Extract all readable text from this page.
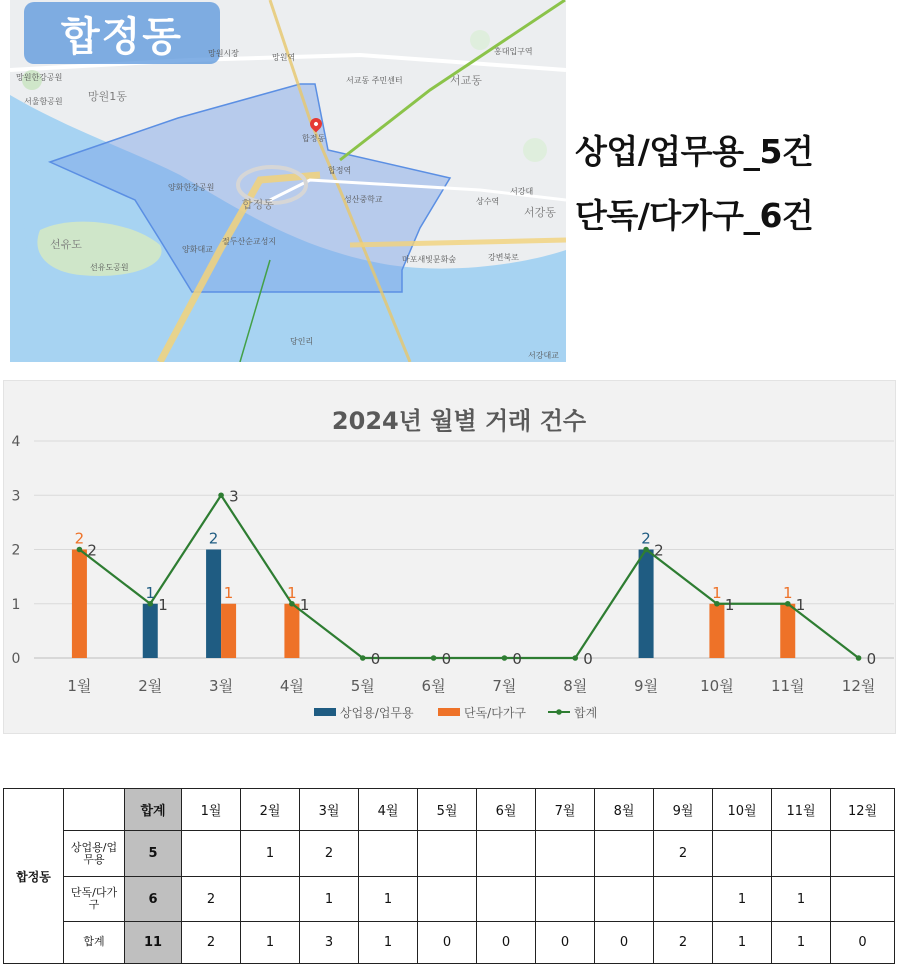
합정동
합정동
망원역
망원시장
합정역
서교동 주민센터	서교동
망원1동
망원한강공원
서울함공원
양화한강공원
선유도공원
선유도	양화대교
절두산순교성지
성산중학교
합정동
마포새빛문화숲
상수역
홍대입구역
서강대
서강대교
강변북로
당인리
서강동
상업/업무용_5건
단독/다가구_6건
2024년 월별 거래 건수
2
1
2
1	1
2
1	1
2
1
3
1
0	0	0	0
2
1	1
0
0
1
2
3
4
1월	2월	3월	4월	5월	6월	7월	8월	9월	10월 11월 12월
상업용/업무용	단독/다가구	합계
합정동		합계	1월	2월	3월	4월	5월	6월	7월	8월	9월	10월	11월	12월
	상업용/업무용	5		1	2						2			
	단독/다가구	6	2		1	1						1	1	
	합계	11	2	1	3	1	0	0	0	0	2	1	1	0
